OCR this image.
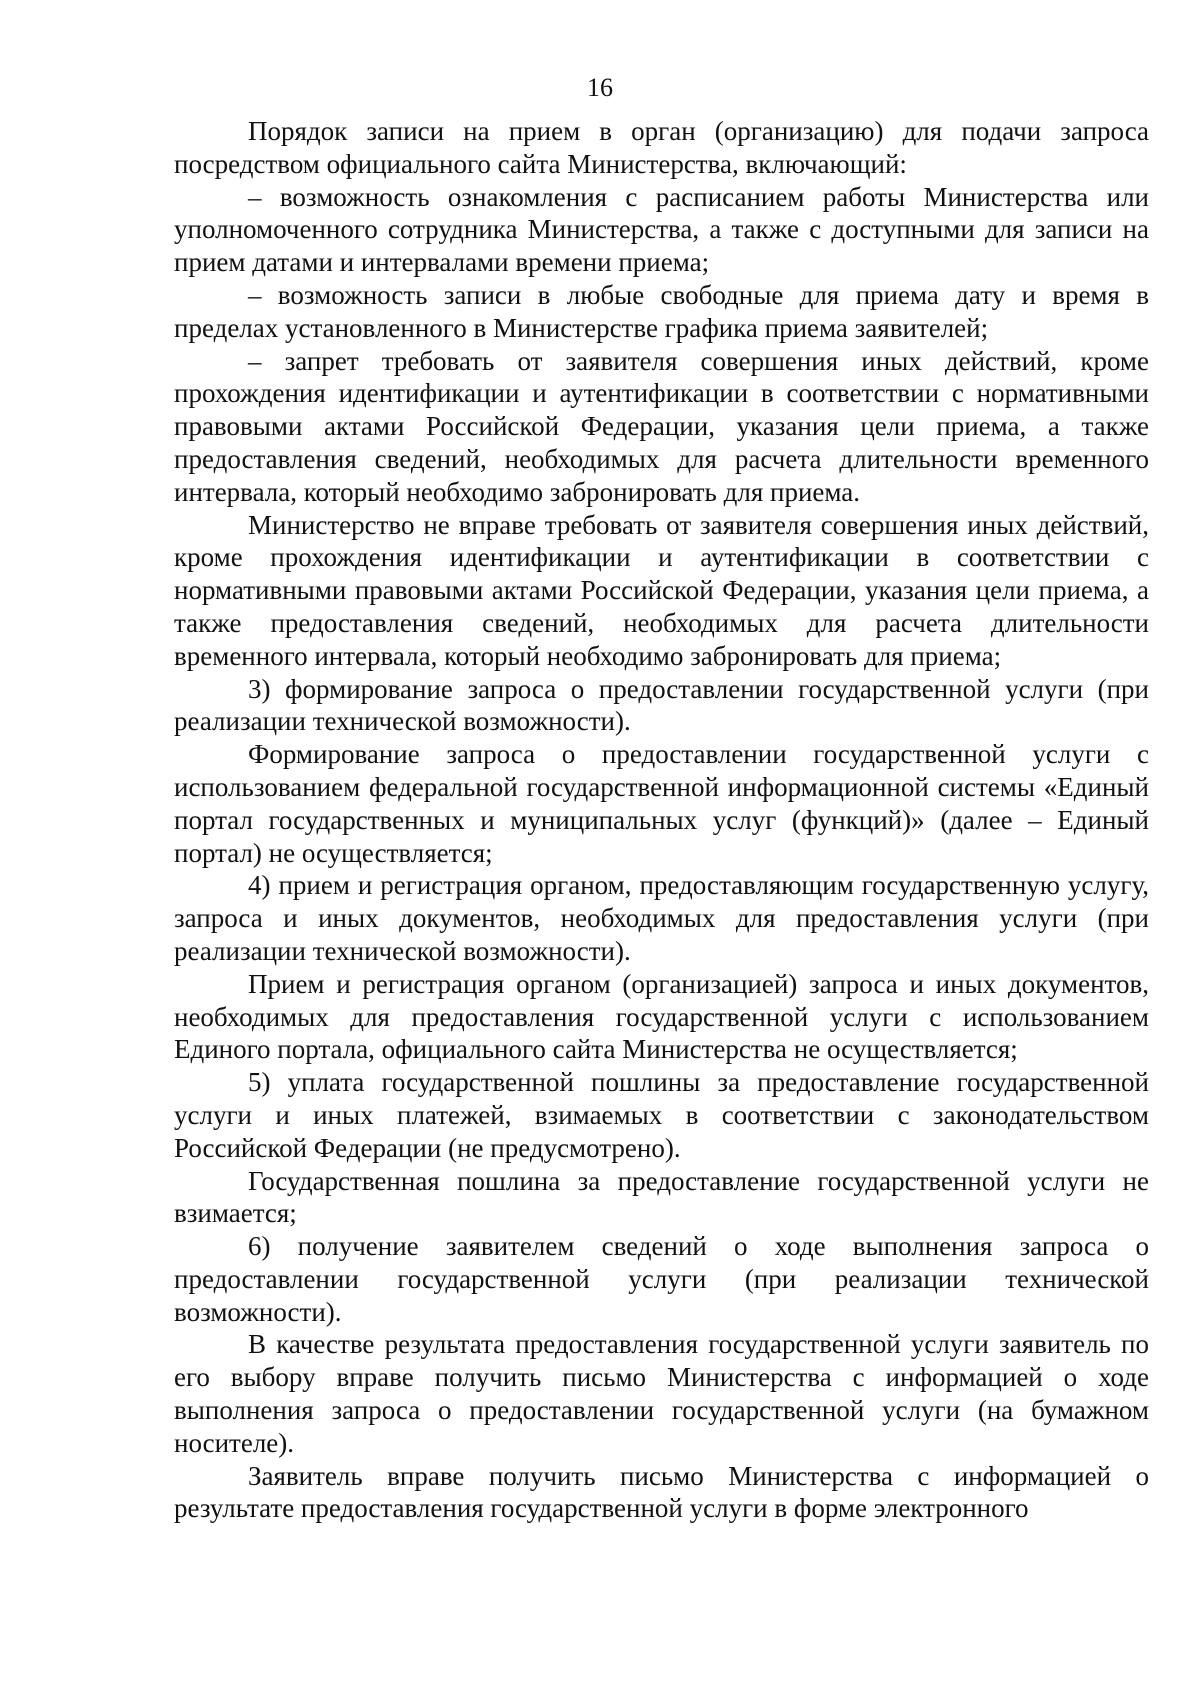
16

Порядок записи на прием в орган (организацию) для подачи запроса посредством официального сайта Министерства, включающий:

– возможность ознакомления с расписанием работы Министерства или уполномоченного сотрудника Министерства, а также с доступными для записи на прием датами и интервалами времени приема;

– возможность записи в любые свободные для приема дату и время в пределах установленного в Министерстве графика приема заявителей;

– запрет требовать от заявителя совершения иных действий, кроме прохождения идентификации и аутентификации в соответствии с нормативными правовыми актами Российской Федерации, указания цели приема, а также предоставления сведений, необходимых для расчета длительности временного интервала, который необходимо забронировать для приема.

Министерство не вправе требовать от заявителя совершения иных действий, кроме прохождения идентификации и аутентификации в соответствии с нормативными правовыми актами Российской Федерации, указания цели приема, а также предоставления сведений, необходимых для расчета длительности временного интервала, который необходимо забронировать для приема;

3) формирование запроса о предоставлении государственной услуги (при реализации технической возможности).

Формирование запроса о предоставлении государственной услуги с использованием федеральной государственной информационной системы «Единый портал государственных и муниципальных услуг (функций)» (далее – Единый портал) не осуществляется;

4) прием и регистрация органом, предоставляющим государственную услугу, запроса и иных документов, необходимых для предоставления услуги (при реализации технической возможности).

Прием и регистрация органом (организацией) запроса и иных документов, необходимых для предоставления государственной услуги с использованием Единого портала, официального сайта Министерства не осуществляется;

5) уплата государственной пошлины за предоставление государственной услуги и иных платежей, взимаемых в соответствии с законодательством Российской Федерации (не предусмотрено).

Государственная пошлина за предоставление государственной услуги не взимается;

6) получение заявителем сведений о ходе выполнения запроса о предоставлении государственной услуги (при реализации технической возможности).

В качестве результата предоставления государственной услуги заявитель по его выбору вправе получить письмо Министерства с информацией о ходе выполнения запроса о предоставлении государственной услуги (на бумажном носителе).

Заявитель вправе получить письмо Министерства с информацией о результате предоставления государственной услуги в форме электронного
